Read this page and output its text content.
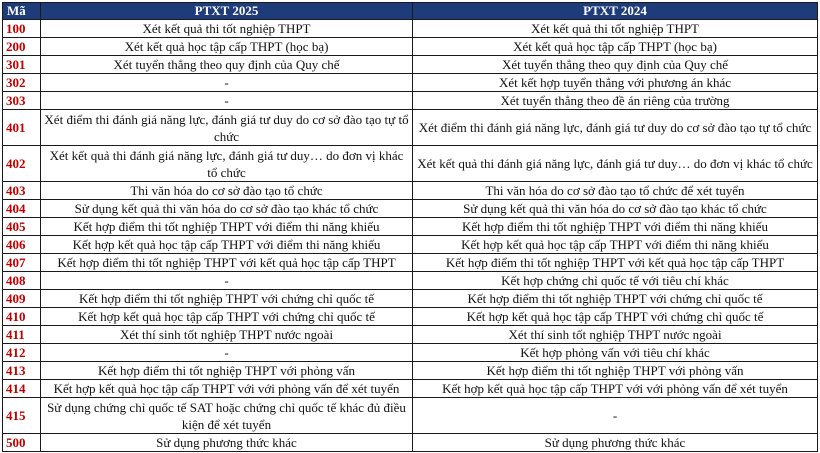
Mã	PTXT 2025	PTXT 2024
100	Xét kết quả thi tốt nghiệp THPT	Xét kết quả thi tốt nghiệp THPT
200	Xét kết quả học tập cấp THPT (học bạ)	Xét kết quả học tập cấp THPT (học bạ)
301	Xét tuyển thẳng theo quy định của Quy chế	Xét tuyển thẳng theo quy định của Quy chế
302	-	Xét kết hợp tuyển thẳng với phương án khác
303	-	Xét tuyển thẳng theo đề án riêng của trường
401	Xét điểm thi đánh giá năng lực, đánh giá tư duy do cơ sở đào tạo tự tổ chức	Xét điểm thi đánh giá năng lực, đánh giá tư duy do cơ sở đào tạo tự tổ chức
402	Xét kết quả thi đánh giá năng lực, đánh giá tư duy… do đơn vị khác tổ chức	Xét kết quả thi đánh giá năng lực, đánh giá tư duy… do đơn vị khác tổ chức
403	Thi văn hóa do cơ sở đào tạo tổ chức	Thi văn hóa do cơ sở đào tạo tổ chức để xét tuyển
404	Sử dụng kết quả thi văn hóa do cơ sở đào tạo khác tổ chức	Sử dụng kết quả thi văn hóa do cơ sở đào tạo khác tổ chức
405	Kết hợp điểm thi tốt nghiệp THPT với điểm thi năng khiếu	Kết hợp điểm thi tốt nghiệp THPT với điểm thi năng khiếu
406	Kết hợp kết quả học tập cấp THPT với điểm thi năng khiếu	Kết hợp kết quả học tập cấp THPT với điểm thi năng khiếu
407	Kết hợp điểm thi tốt nghiệp THPT với kết quả học tập cấp THPT	Kết hợp điểm thi tốt nghiệp THPT với kết quả học tập cấp THPT
408	-	Kết hợp chứng chỉ quốc tế với tiêu chí khác
409	Kết hợp điểm thi tốt nghiệp THPT với chứng chỉ quốc tế	Kết hợp điểm thi tốt nghiệp THPT với chứng chỉ quốc tế
410	Kết hợp kết quả học tập cấp THPT với chứng chỉ quốc tế	Kết hợp kết quả học tập cấp THPT với chứng chỉ quốc tế
411	Xét thí sinh tốt nghiệp THPT nước ngoài	Xét thí sinh tốt nghiệp THPT nước ngoài
412	-	Kết hợp phỏng vấn với tiêu chí khác
413	Kết hợp điểm thi tốt nghiệp THPT với phỏng vấn	Kết hợp điểm thi tốt nghiệp THPT với phỏng vấn
414	Kết hợp kết quả học tập cấp THPT với với phỏng vấn để xét tuyển	Kết hợp kết quả học tập cấp THPT với với phỏng vấn để xét tuyển
415	Sử dụng chứng chỉ quốc tế SAT hoặc chứng chỉ quốc tế khác đủ điều kiện để xét tuyển	-
500	Sử dụng phương thức khác	Sử dụng phương thức khác
